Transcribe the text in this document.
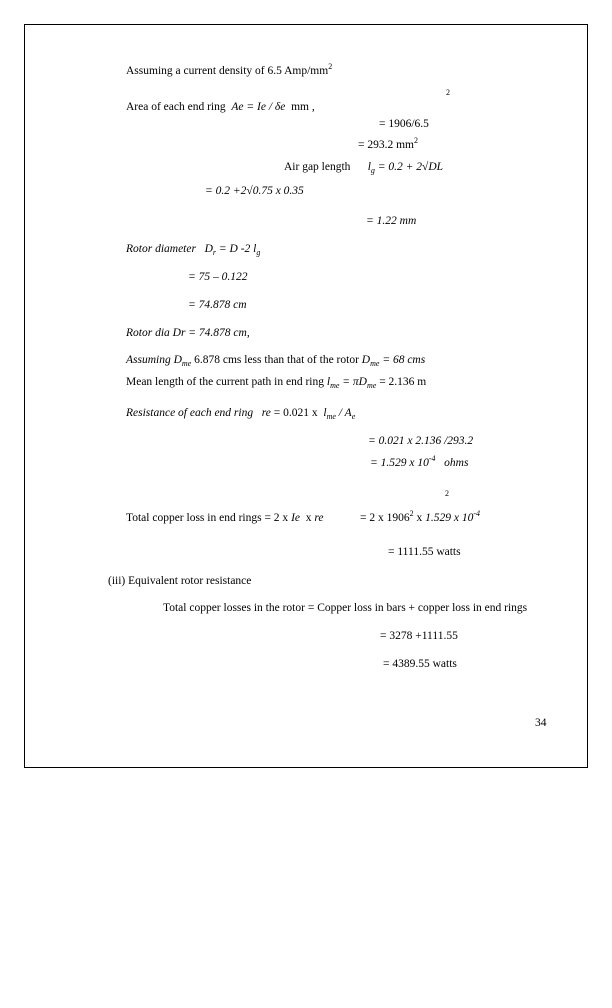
Assuming a current density of 6.5 Amp/$mm^2$
2
Area of each end ring Ae = Ie / δe mm ,
= 1906/6.5
= 293.2 $mm^2$
Air gap length $l_g = 0.2 + 2√DL$
= 0.2 +2√0.75 x 0.35
= 1.22 mm
Rotor diameter $D_r = D$ -2 $l_g$
= 75 – 0.122
= 74.878 cm
Rotor dia Dr = 74.878 cm,
Assuming $D_{me}$ 6.878 cms less than that of the rotor $D_{me} = 68$ cms
Mean length of the current path in end ring $l_{me} = \pi D_{me} = 2.136$ m
Resistance of each end ring re = 0.021 x $l_{me} / A_e$
= 0.021 x 2.136 /293.2
= 1.529 x $10^{-4}$ ohms
2
Total copper loss in end rings = 2 x Ie x re	= 2 x 1906$^2$ x 1.529 x $10^{-4}$
= 1111.55 watts
(iii) Equivalent rotor resistance
Total copper losses in the rotor = Copper loss in bars + copper loss in end rings
= 3278 +1111.55
= 4389.55 watts
34
